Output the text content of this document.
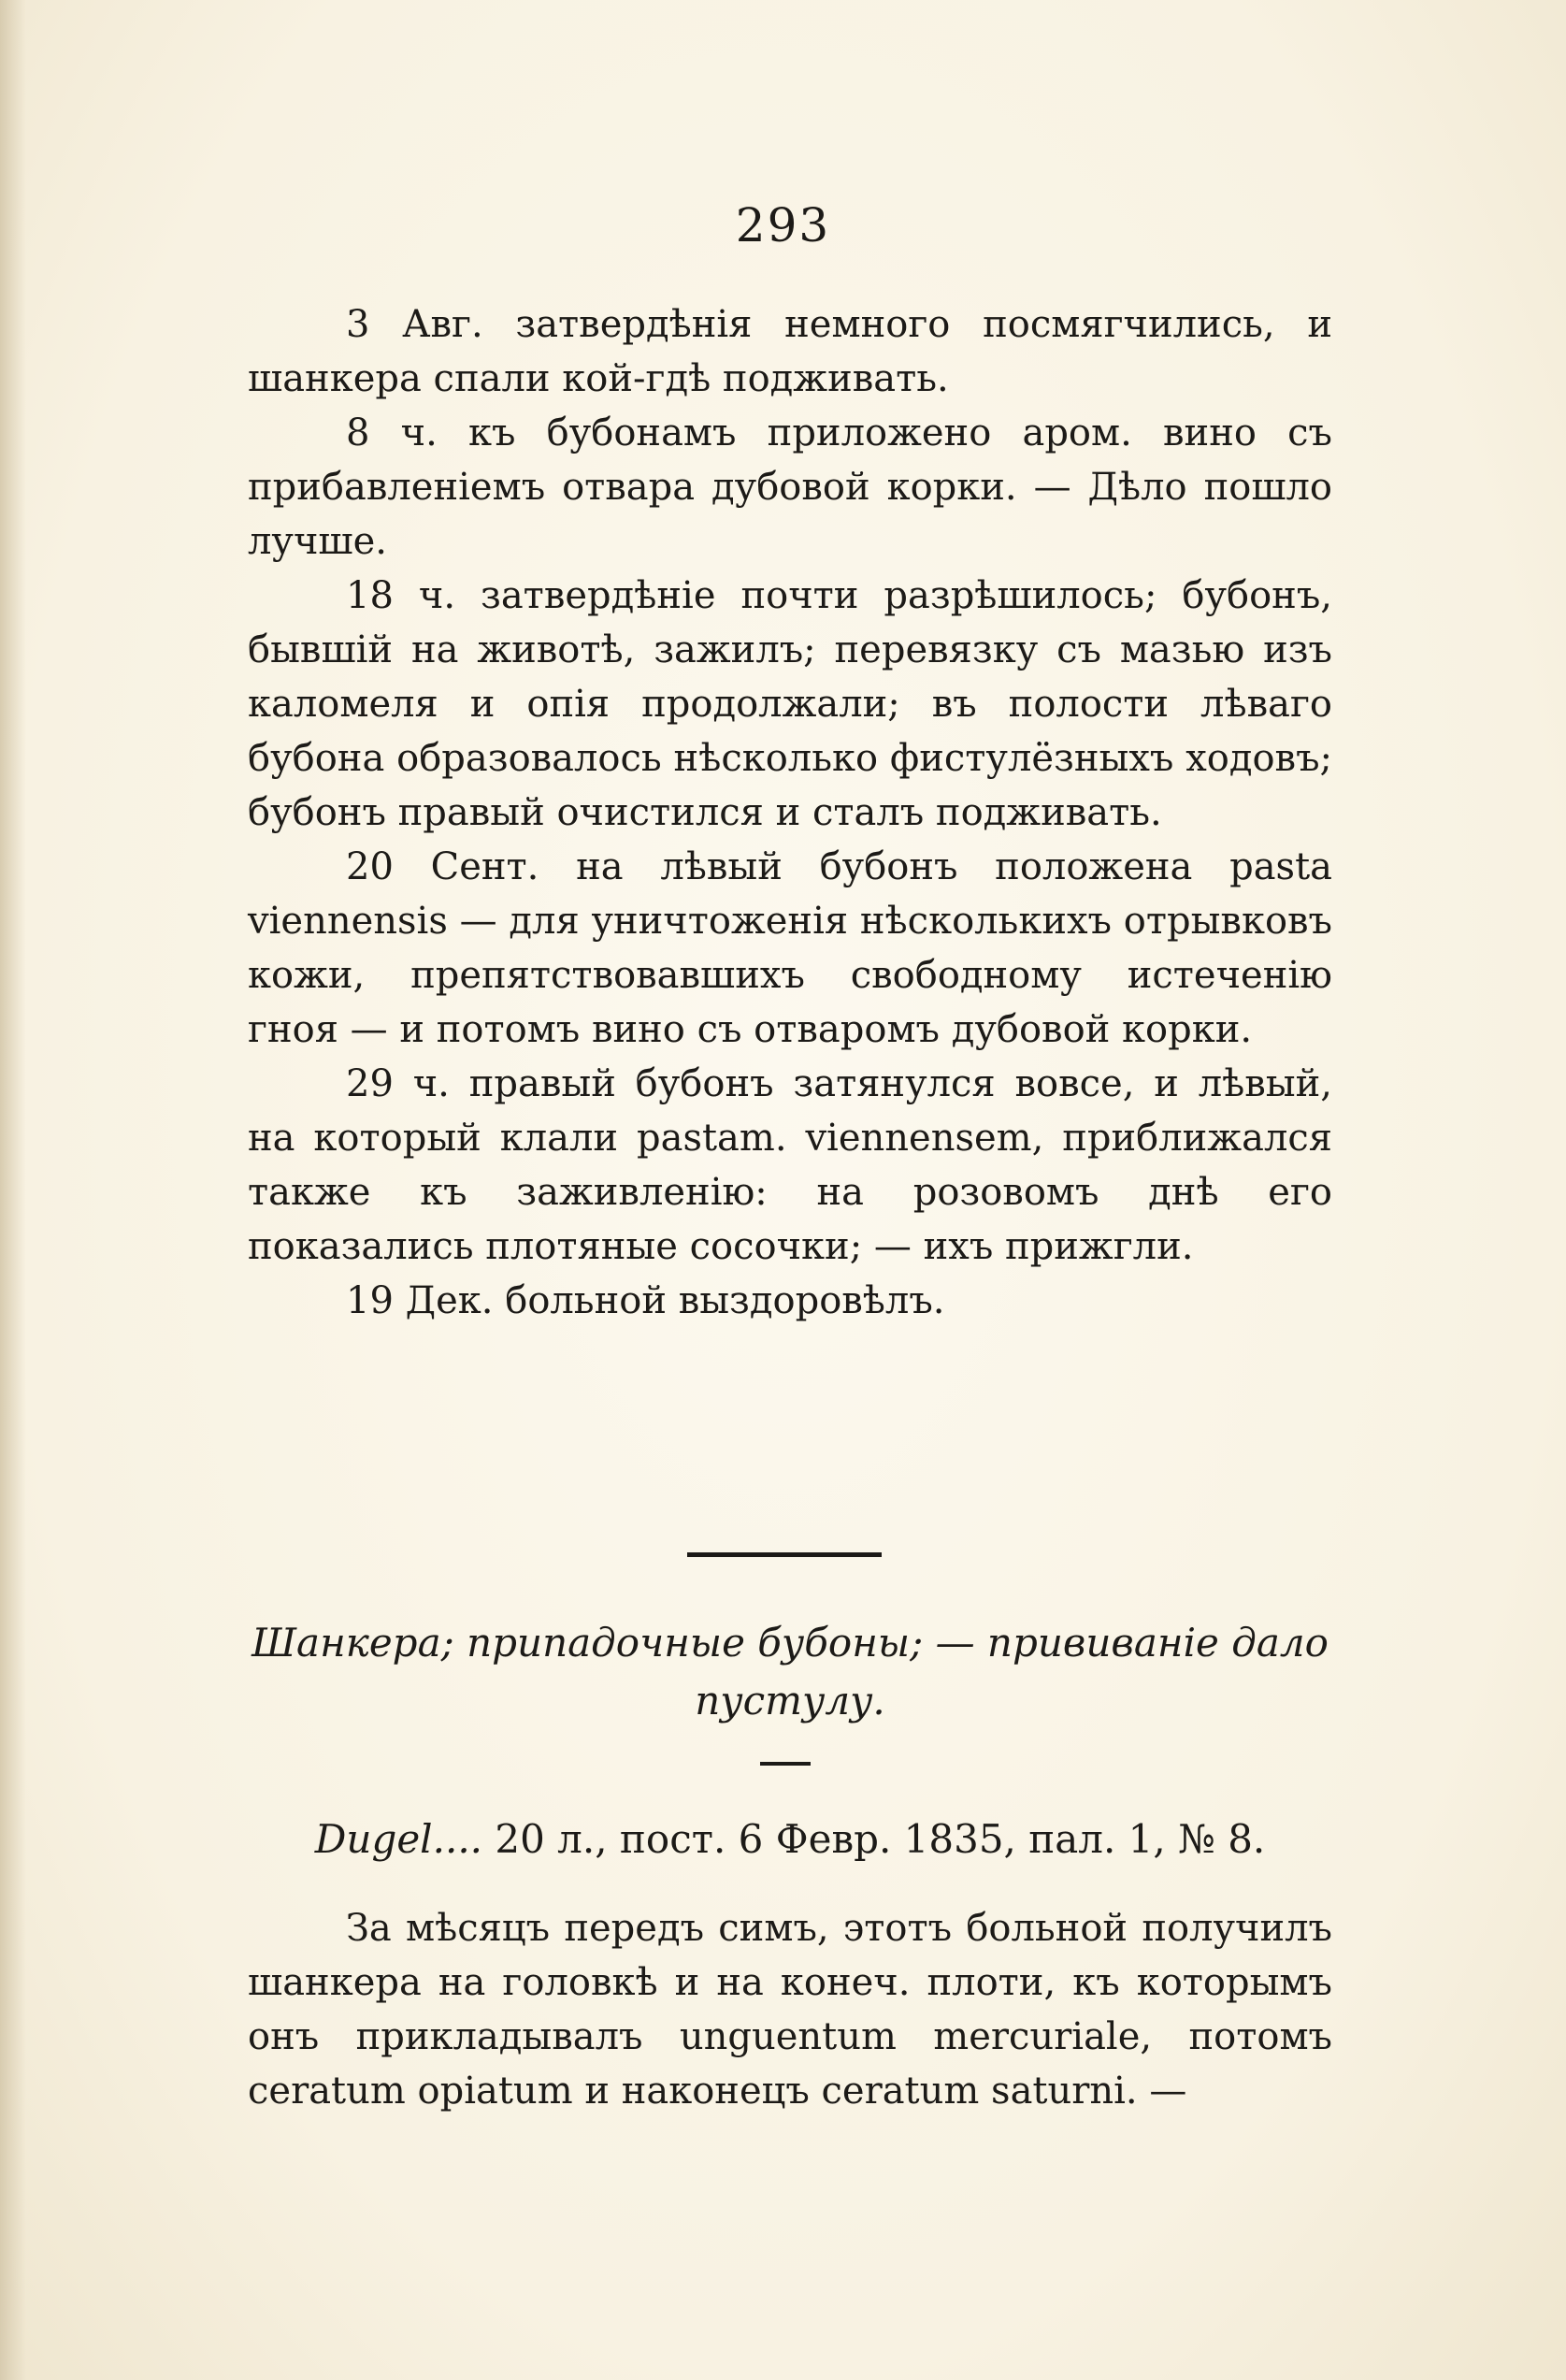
293

3 Авг. затвердѣнія немного посмягчились, и шанкера спали кой-гдѣ подживать.

8 ч. къ бубонамъ приложено аром. вино съ прибавленіемъ отвара дубовой корки. — Дѣло пошло лучше.

18 ч. затвердѣніе почти разрѣшилось; бубонъ, бывшій на животѣ, зажилъ; перевязку съ мазью изъ каломеля и опія продолжали; въ полости лѣваго бубона образовалось нѣсколько фистулёзныхъ ходовъ; бубонъ правый очистился и сталъ подживать.

20 Сент. на лѣвый бубонъ положена pasta viennensis — для уничтоженія нѣсколькихъ отрывковъ кожи, препятствовавшихъ свободному истеченію гноя — и потомъ вино съ отваромъ дубовой корки.

29 ч. правый бубонъ затянулся вовсе, и лѣвый, на который клали pastam. viennensem, приближался также къ заживленію: на розовомъ днѣ его показались плотяные сосочки; — ихъ прижгли.

19 Дек. больной выздоровѣлъ.

Шанкера; припадочные бубоны; — прививаніе дало
пустулу.
Dugel.... 20 л., пост. 6 Февр. 1835, пал. 1, № 8.

За мѣсяцъ передъ симъ, этотъ больной получилъ шанкера на головкѣ и на конеч. плоти, къ которымъ онъ прикладывалъ unguentum mercuriale, потомъ ceratum opiatum и наконецъ ceratum saturni. —
